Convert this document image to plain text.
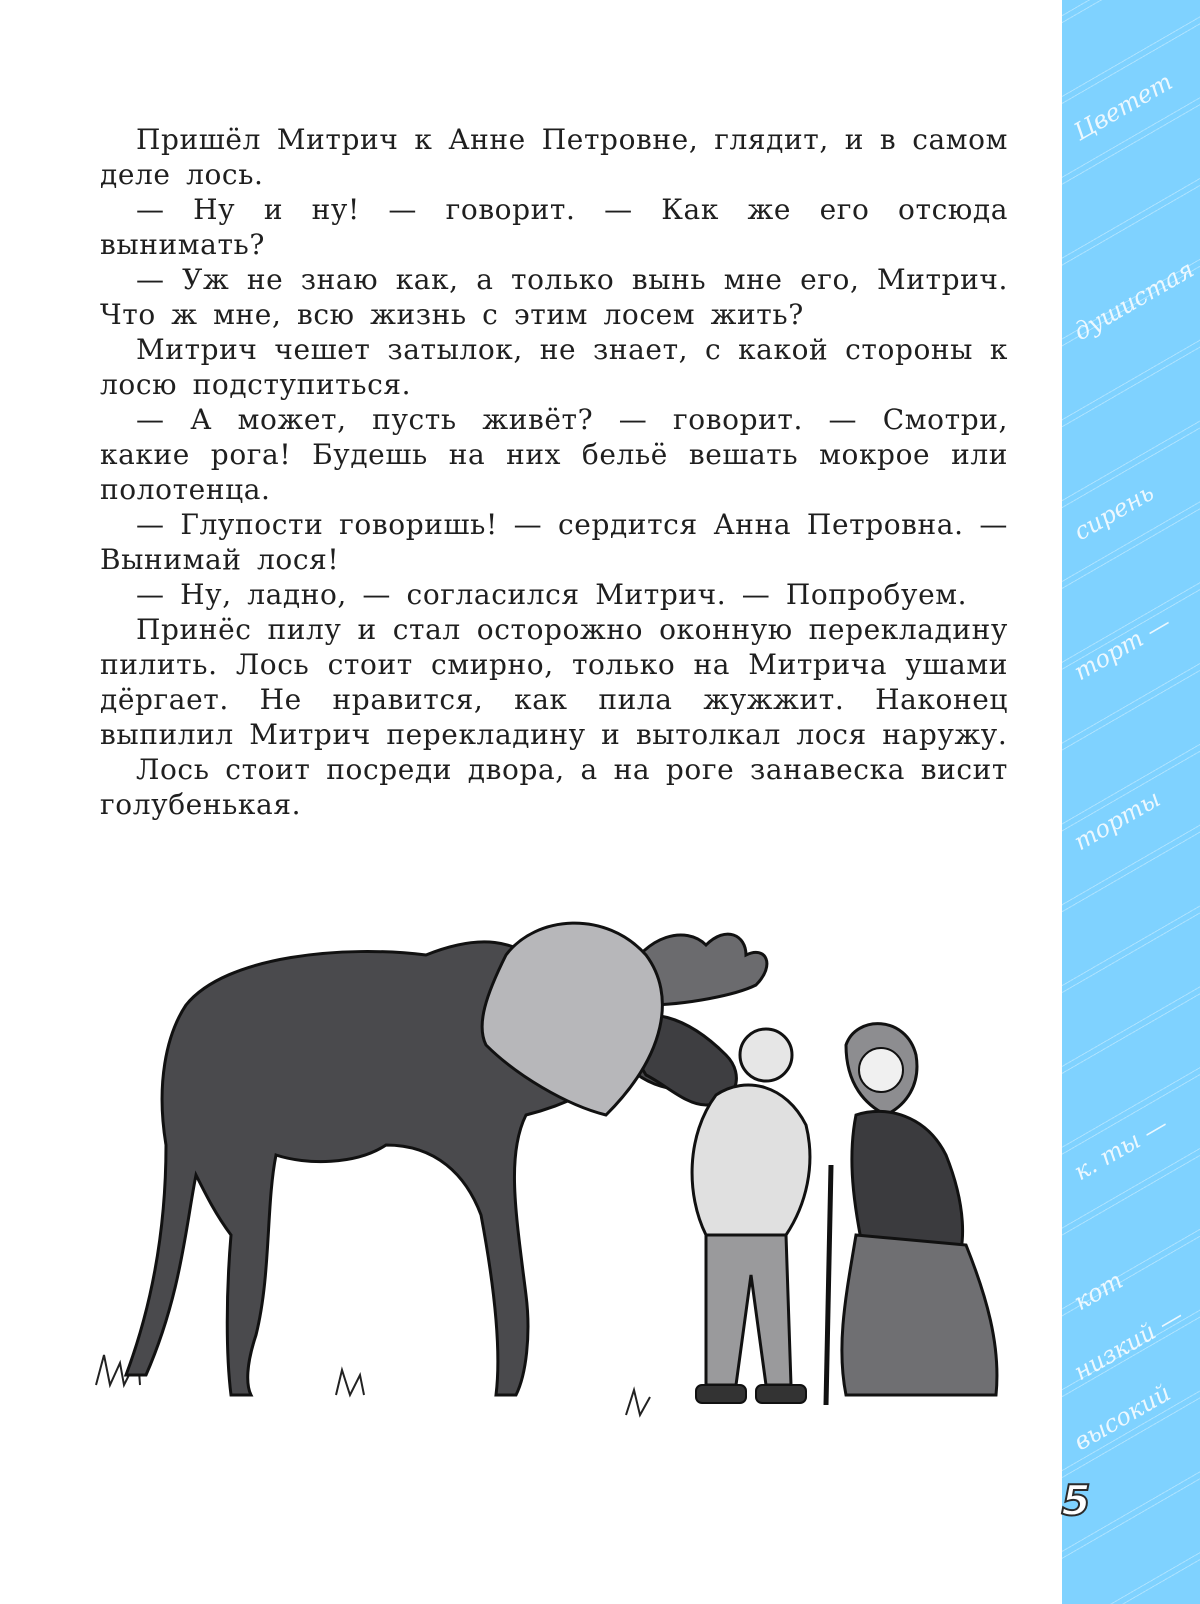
Пришёл Митрич к Анне Петровне, глядит, и в самом деле лось.

— Ну и ну! — говорит. — Как же его отсюда вынимать?

— Уж не знаю как, а только вынь мне его, Митрич. Что ж мне, всю жизнь с этим лосем жить?

Митрич чешет затылок, не знает, с какой стороны к лосю подступиться.

— А может, пусть живёт? — говорит. — Смотри, какие рога! Будешь на них бельё вешать мокрое или полотенца.

— Глупости говоришь! — сердится Анна Петровна. — Вынимай лося!

— Ну, ладно, — согласился Митрич. — Попробуем.

Принёс пилу и стал осторожно оконную перекладину пилить. Лось стоит смирно, только на Митрича ушами дёргает. Не нравится, как пила жужжит. Наконец выпилил Митрич перекладину и вытолкал лося наружу.

Лось стоит посреди двора, а на роге занавеска висит голубенькая.

Цветет
душистая
сирень
торт —
торты
к. ты —
кот
низкий —
высокий
5
